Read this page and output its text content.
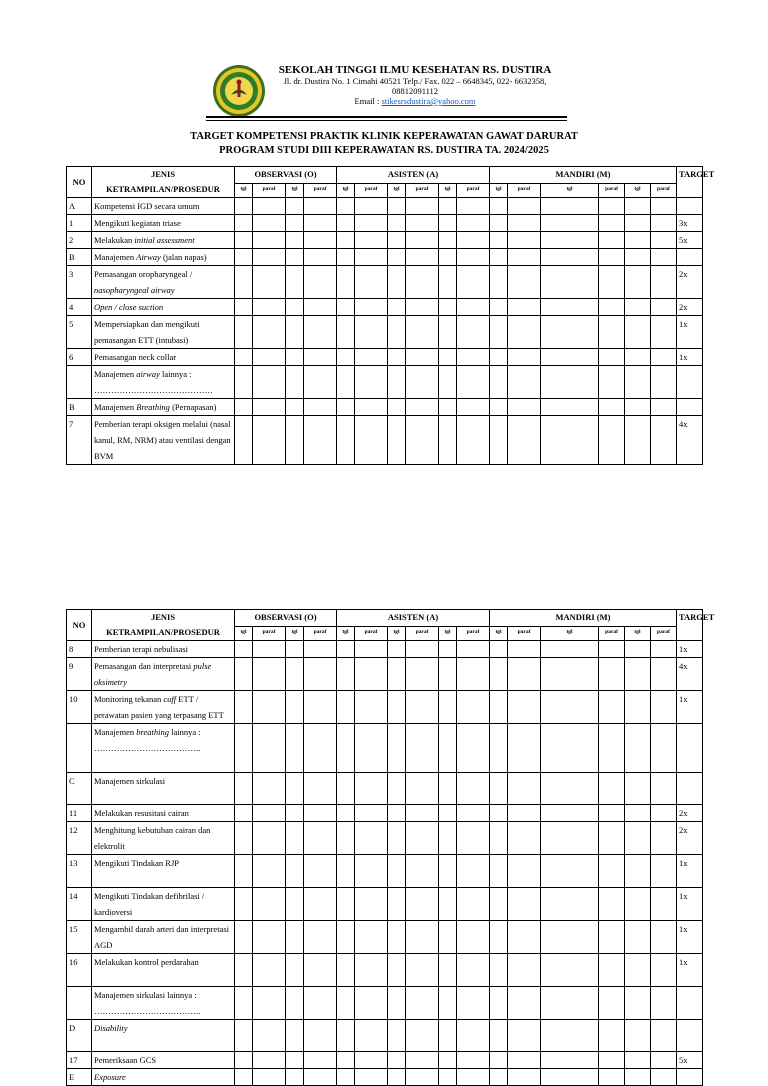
SEKOLAH TINGGI ILMU KESEHATAN RS. DUSTIRA
Jl. dr. Dustira No. 1 Cimahi 40521 Telp./ Fax. 022 – 6648345, 022- 6632358,
08812091112
Email : stikesrsdustira@yahoo.com
TARGET KOMPETENSI PRAKTIK KLINIK KEPERAWATAN GAWAT DARURAT
PROGRAM STUDI DIII KEPERAWATAN RS. DUSTIRA TA. 2024/2025
NO	JENIS
KETRAMPILAN/PROSEDUR	OBSERVASI (O)				ASISTEN (A)						MANDIRI (M)						TARGET
		tgl	paraf	tgl	paraf	tgl	paraf	tgl	paraf	tgl	paraf	tgl	paraf	tgl	paraf	tgl	paraf	
A	Kompetensi IGD secara umum																	
1	Mengikuti kegiatan triase																	3x
2	Melakukan initial assessment																	5x
B	Manajemen Airway (jalan napas)																	
3	Pemasangan oropharyngeal / nasopharyngeal airway																	2x
4	Open / close suction																	2x
5	Mempersiapkan dan mengikuti pemasangan ETT (intubasi)																	1x
6	Pemasangan neck collar																	1x
	Manajemen airway lainnya : ……………………………………																	
B	Manajemen Breathing (Pernapasan)																	
7	Pemberian terapi oksigen melalui (nasal kanul, RM, NRM) atau ventilasi dengan BVM																	4x
NO	JENIS
KETRAMPILAN/PROSEDUR	OBSERVASI (O)				ASISTEN (A)						MANDIRI (M)						TARGET
		tgl	paraf	tgl	paraf	tgl	paraf	tgl	paraf	tgl	paraf	tgl	paraf	tgl	paraf	tgl	paraf	
8	Pemberian terapi nebulisasi																	1x
9	Pemasangan dan interpretasi pulse oksimetry																	4x
10	Monitoring tekanan cuff ETT / perawatan pasien yang terpasang ETT																	1x
	Manajemen breathing lainnya : ………………………………..																	
C	Manajemen sirkulasi																	
11	Melakukan resusitasi cairan																	2x
12	Menghitung kebutuhan cairan dan elektrolit																	2x
13	Mengikuti Tindakan RJP																	1x
14	Mengikuti Tindakan defibrilasi / kardioversi																	1x
15	Mengambil darah arteri dan interpretasi AGD																	1x
16	Melakukan kontrol perdarahan																	1x
	Manajemen sirkulasi lainnya : ………………………………..																	
D	Disability																	
17	Pemeriksaan GCS																	5x
E	Exposure																	
